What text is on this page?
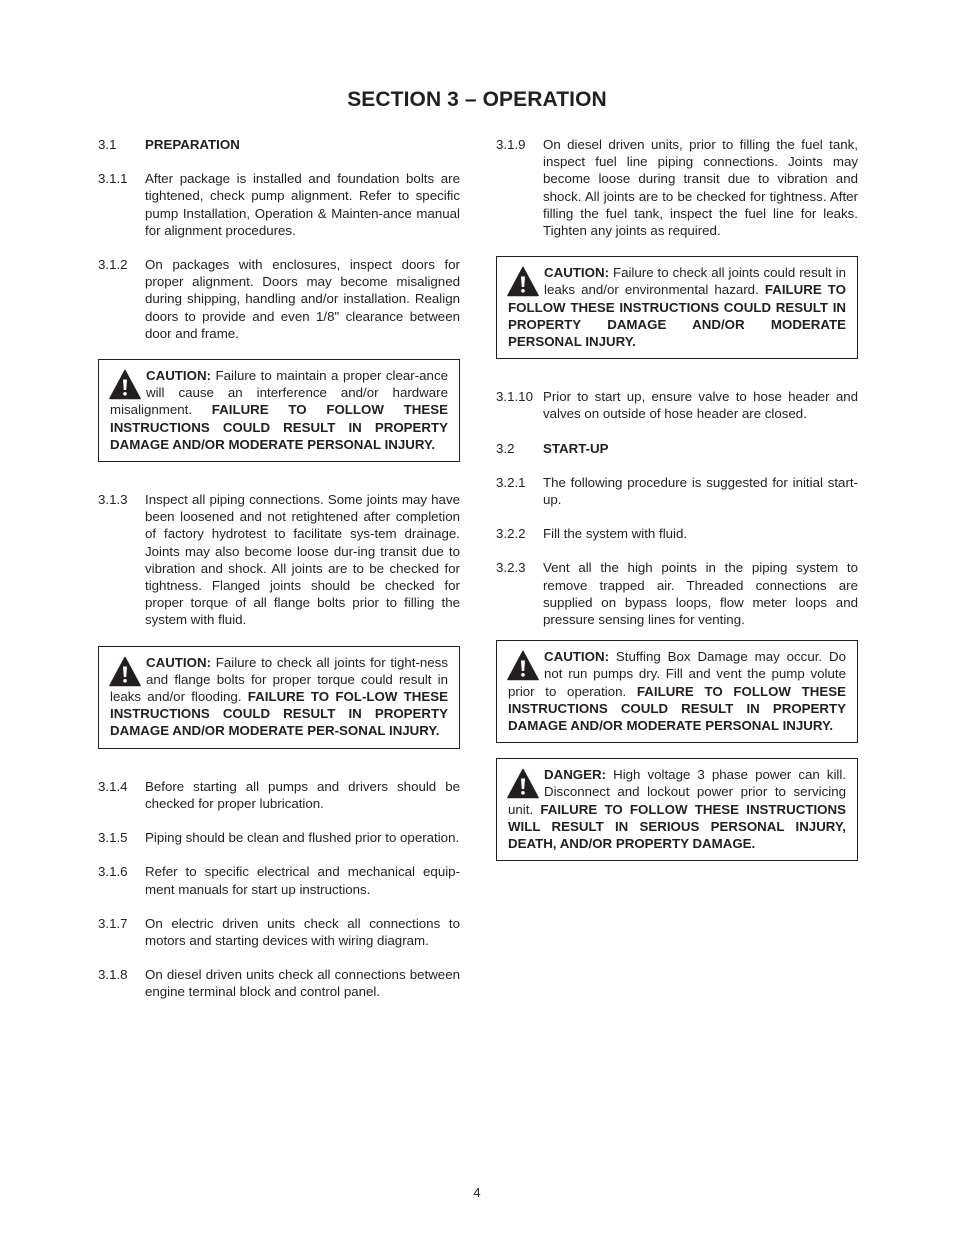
SECTION 3 – OPERATION
3.1 PREPARATION
3.1.1 After package is installed and foundation bolts are tightened, check pump alignment. Refer to specific pump Installation, Operation & Mainten-ance manual for alignment procedures.
3.1.2 On packages with enclosures, inspect doors for proper alignment. Doors may become misaligned during shipping, handling and/or installation. Realign doors to provide and even 1/8" clearance between door and frame.
CAUTION: Failure to maintain a proper clear-ance will cause an interference and/or hardware misalignment. FAILURE TO FOLLOW THESE INSTRUCTIONS COULD RESULT IN PROPERTY DAMAGE AND/OR MODERATE PERSONAL INJURY.
3.1.3 Inspect all piping connections. Some joints may have been loosened and not retightened after completion of factory hydrotest to facilitate sys-tem drainage. Joints may also become loose dur-ing transit due to vibration and shock. All joints are to be checked for tightness. Flanged joints should be checked for proper torque of all flange bolts prior to filling the system with fluid.
CAUTION: Failure to check all joints for tight-ness and flange bolts for proper torque could result in leaks and/or flooding. FAILURE TO FOL-LOW THESE INSTRUCTIONS COULD RESULT IN PROPERTY DAMAGE AND/OR MODERATE PER-SONAL INJURY.
3.1.4 Before starting all pumps and drivers should be checked for proper lubrication.
3.1.5 Piping should be clean and flushed prior to operation.
3.1.6 Refer to specific electrical and mechanical equip-ment manuals for start up instructions.
3.1.7 On electric driven units check all connections to motors and starting devices with wiring diagram.
3.1.8 On diesel driven units check all connections between engine terminal block and control panel.
3.1.9 On diesel driven units, prior to filling the fuel tank, inspect fuel line piping connections. Joints may become loose during transit due to vibration and shock. All joints are to be checked for tightness. After filling the fuel tank, inspect the fuel line for leaks. Tighten any joints as required.
CAUTION: Failure to check all joints could result in leaks and/or environmental hazard. FAILURE TO FOLLOW THESE INSTRUCTIONS COULD RESULT IN PROPERTY DAMAGE AND/OR MODERATE PERSONAL INJURY.
3.1.10 Prior to start up, ensure valve to hose header and valves on outside of hose header are closed.
3.2 START-UP
3.2.1 The following procedure is suggested for initial start-up.
3.2.2 Fill the system with fluid.
3.2.3 Vent all the high points in the piping system to remove trapped air. Threaded connections are supplied on bypass loops, flow meter loops and pressure sensing lines for venting.
CAUTION: Stuffing Box Damage may occur. Do not run pumps dry. Fill and vent the pump volute prior to operation. FAILURE TO FOLLOW THESE INSTRUCTIONS COULD RESULT IN PROPERTY DAMAGE AND/OR MODERATE PERSONAL INJURY.
DANGER: High voltage 3 phase power can kill. Disconnect and lockout power prior to servicing unit. FAILURE TO FOLLOW THESE INSTRUCTIONS WILL RESULT IN SERIOUS PERSONAL INJURY, DEATH, AND/OR PROPERTY DAMAGE.
4
